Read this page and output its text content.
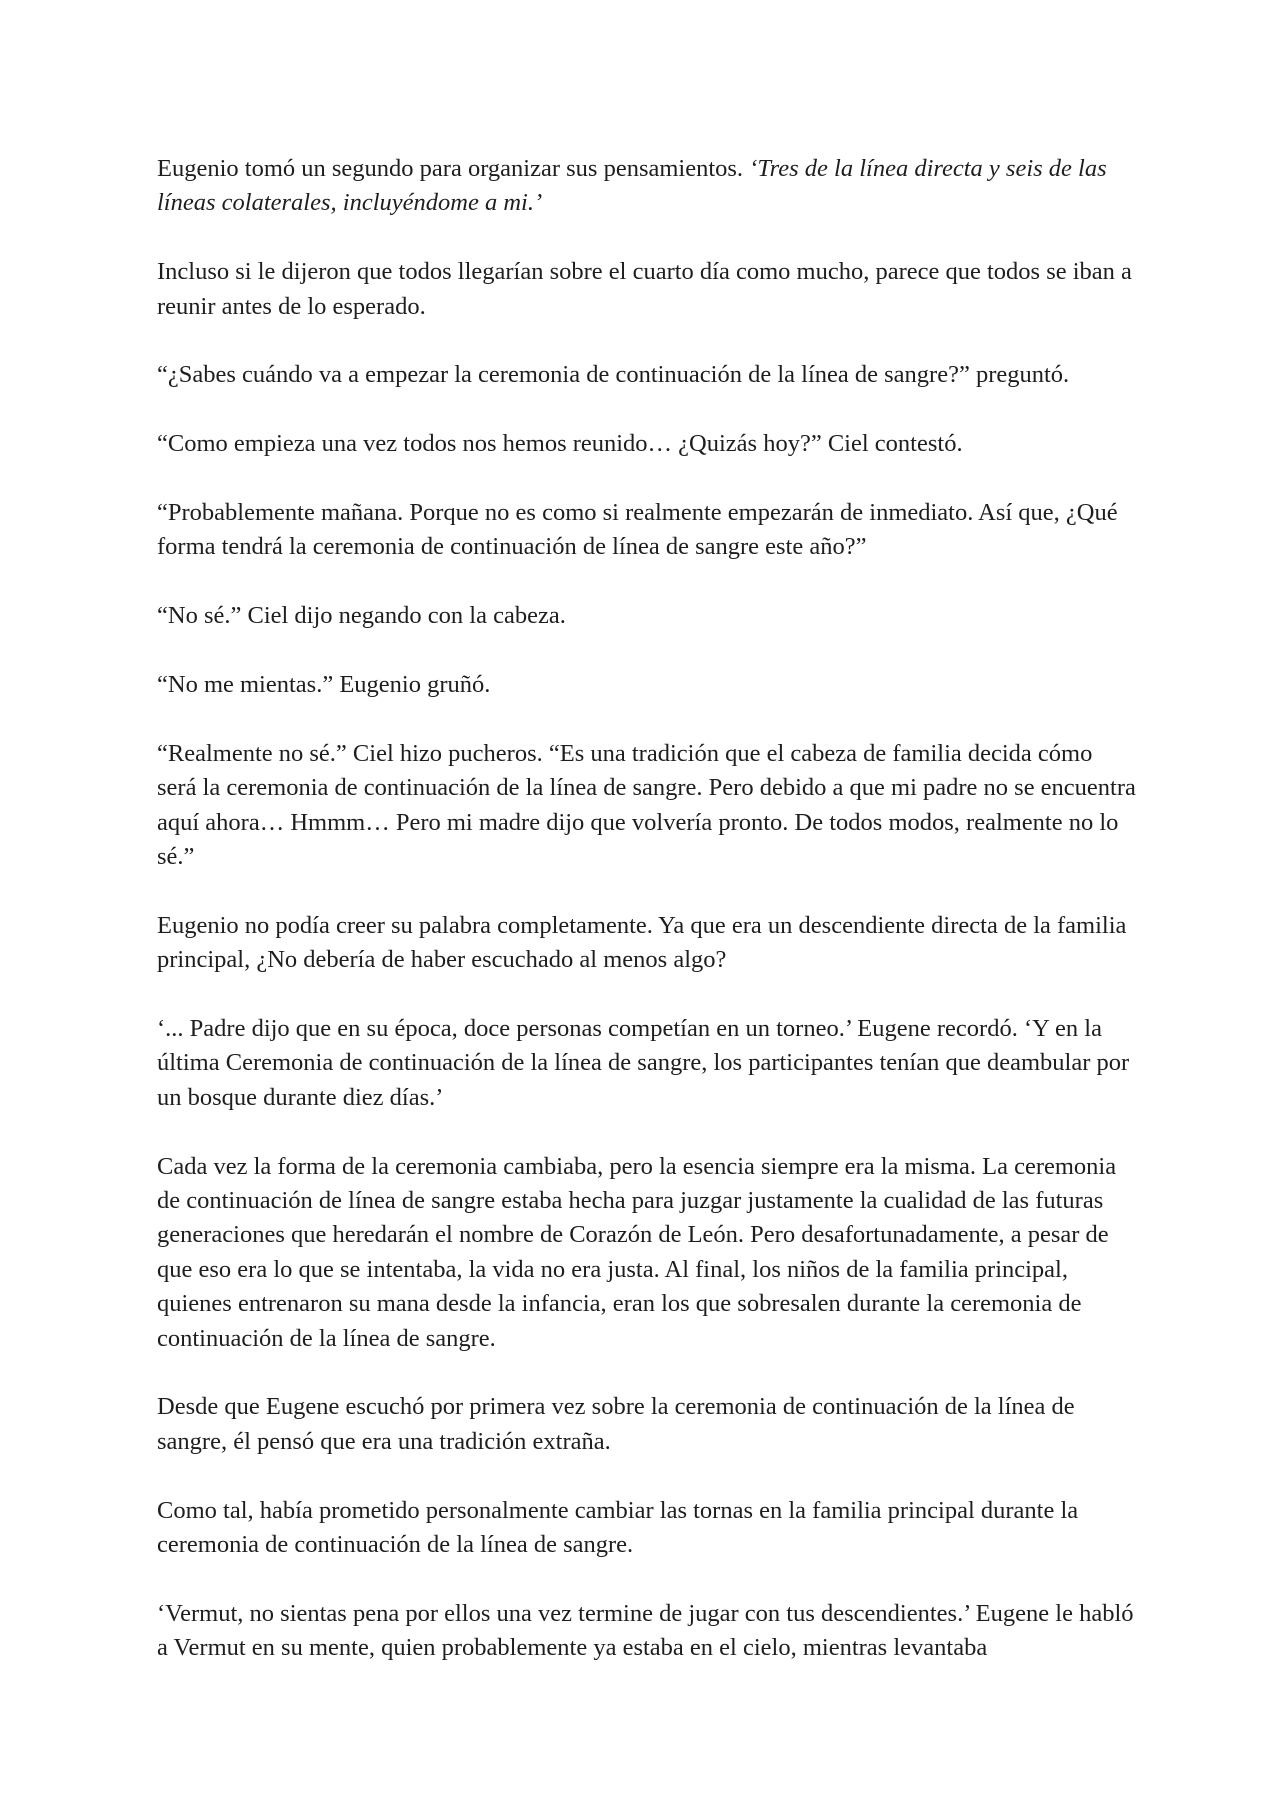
Eugenio tomó un segundo para organizar sus pensamientos. ‘Tres de la línea directa y seis de las líneas colaterales, incluyéndome a mi.’

Incluso si le dijeron que todos llegarían sobre el cuarto día como mucho, parece que todos se iban a reunir antes de lo esperado.

“¿Sabes cuándo va a empezar la ceremonia de continuación de la línea de sangre?” preguntó.

“Como empieza una vez todos nos hemos reunido… ¿Quizás hoy?” Ciel contestó.

“Probablemente mañana. Porque no es como si realmente empezarán de inmediato. Así que, ¿Qué forma tendrá la ceremonia de continuación de línea de sangre este año?”

“No sé.” Ciel dijo negando con la cabeza.

“No me mientas.” Eugenio gruñó.

“Realmente no sé.” Ciel hizo pucheros. “Es una tradición que el cabeza de familia decida cómo será la ceremonia de continuación de la línea de sangre. Pero debido a que mi padre no se encuentra aquí ahora… Hmmm… Pero mi madre dijo que volvería pronto. De todos modos, realmente no lo sé.”

Eugenio no podía creer su palabra completamente. Ya que era un descendiente directa de la familia principal, ¿No debería de haber escuchado al menos algo?

‘... Padre dijo que en su época, doce personas competían en un torneo.’ Eugene recordó. ‘Y en la última Ceremonia de continuación de la línea de sangre, los participantes tenían que deambular por un bosque durante diez días.’

Cada vez la forma de la ceremonia cambiaba, pero la esencia siempre era la misma. La ceremonia de continuación de línea de sangre estaba hecha para juzgar justamente la cualidad de las futuras generaciones que heredarán el nombre de Corazón de León. Pero desafortunadamente, a pesar de que eso era lo que se intentaba, la vida no era justa. Al final, los niños de la familia principal, quienes entrenaron su mana desde la infancia, eran los que sobresalen durante la ceremonia de continuación de la línea de sangre.

Desde que Eugene escuchó por primera vez sobre la ceremonia de continuación de la línea de sangre, él pensó que era una tradición extraña.

Como tal, había prometido personalmente cambiar las tornas en la familia principal durante la ceremonia de continuación de la línea de sangre.

‘Vermut, no sientas pena por ellos una vez termine de jugar con tus descendientes.’ Eugene le habló a Vermut en su mente, quien probablemente ya estaba en el cielo, mientras levantaba
